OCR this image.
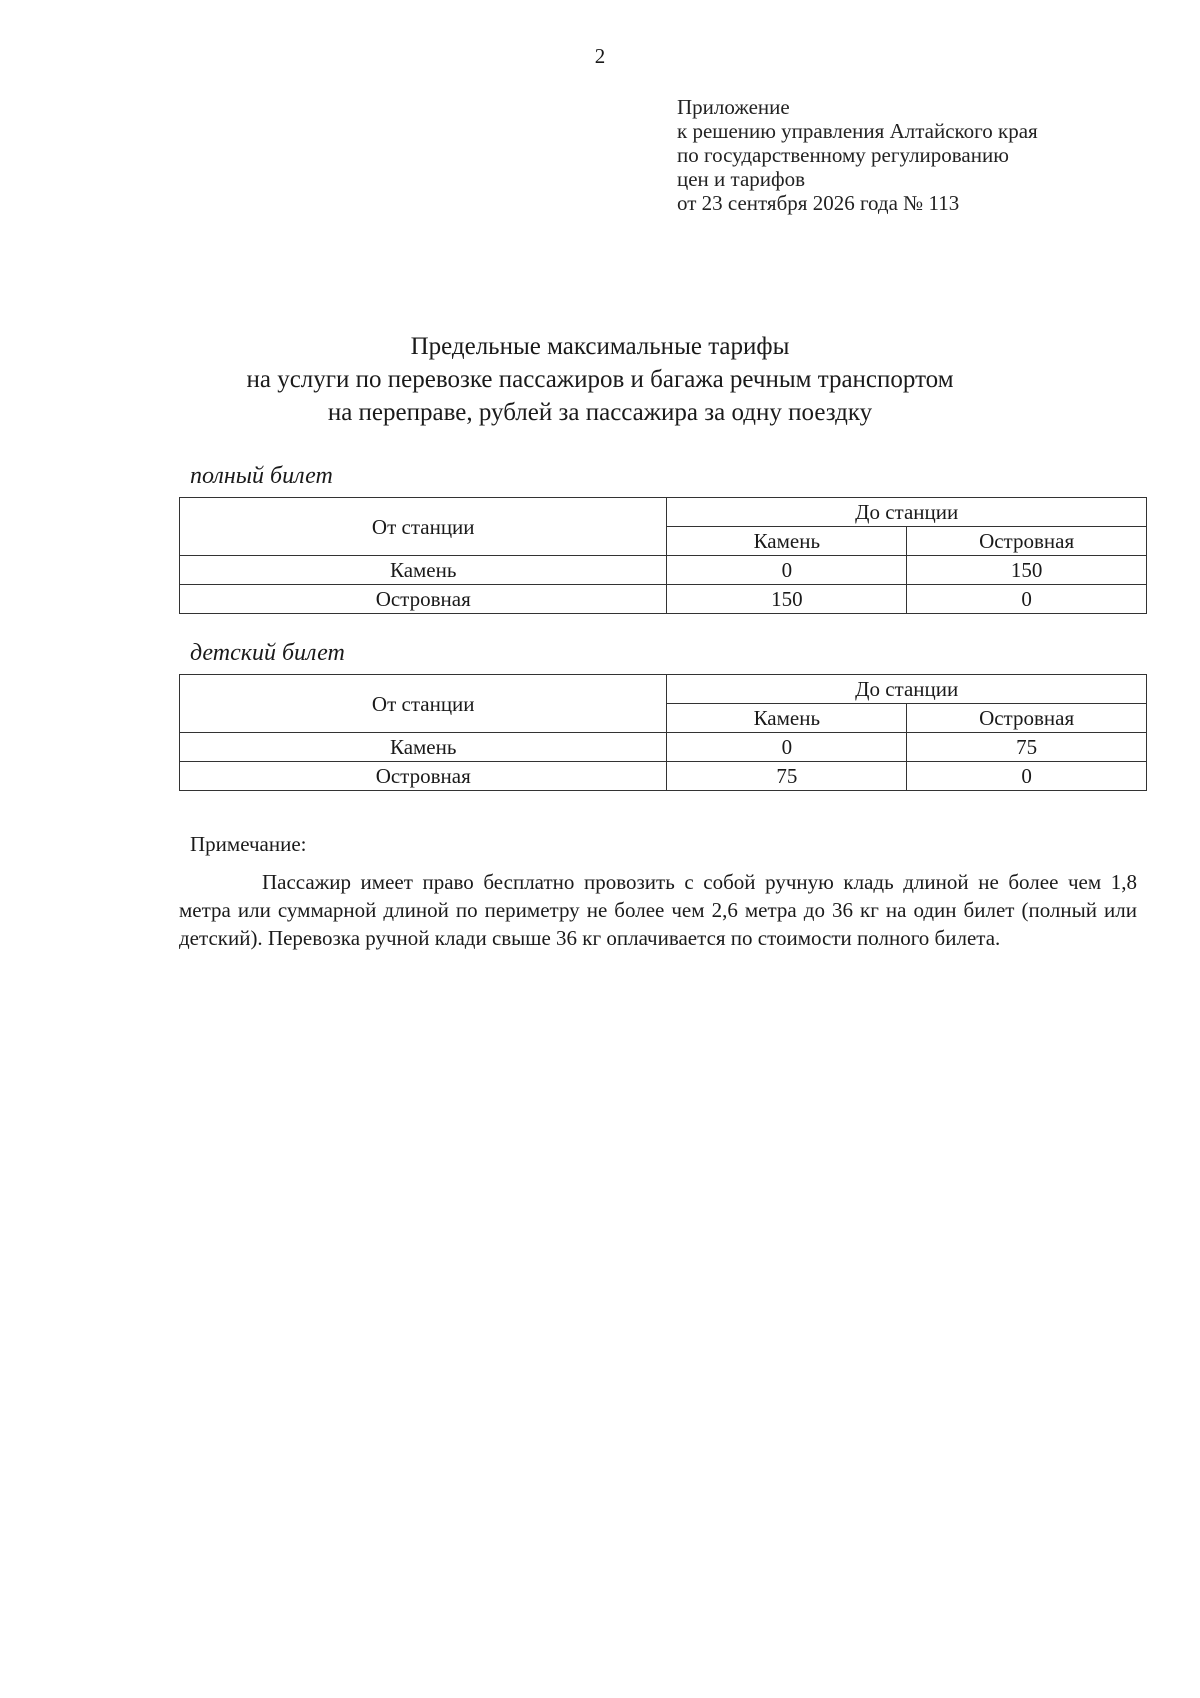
2
Приложение
к решению управления Алтайского края
по государственному регулированию
цен и тарифов
от 23 сентября 2026 года № 113
Предельные максимальные тарифы
на услуги по перевозке пассажиров и багажа речным транспортом
на переправе, рублей за пассажира за одну поездку
полный билет
От станции	До станции	
	Камень	Островная
Камень	0	150
Островная	150	0
детский билет
От станции	До станции	
	Камень	Островная
Камень	0	75
Островная	75	0
Примечание:
Пассажир имеет право бесплатно провозить с собой ручную кладь длиной не более чем 1,8 метра или суммарной длиной по периметру не более чем 2,6 метра до 36 кг на один билет (полный или детский). Перевозка ручной клади свыше 36 кг оплачивается по стоимости полного билета.
